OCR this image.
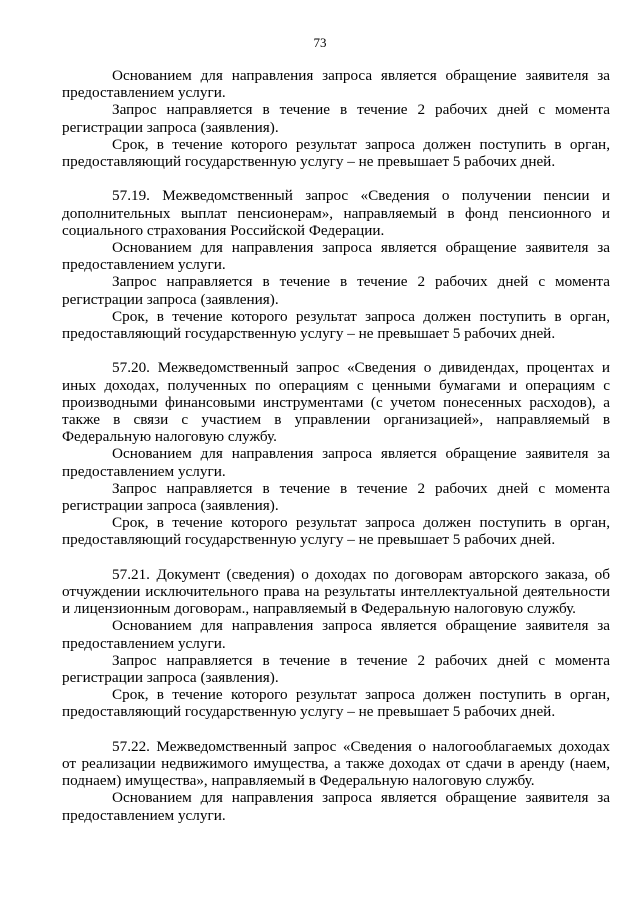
73

Основанием для направления запроса является обращение заявителя за предоставлением услуги.

Запрос направляется в течение в течение 2 рабочих дней с момента регистрации запроса (заявления).

Срок, в течение которого результат запроса должен поступить в орган, предоставляющий государственную услугу – не превышает 5 рабочих дней.

57.19. Межведомственный запрос «Сведения о получении пенсии и дополнительных выплат пенсионерам», направляемый в фонд пенсионного и социального страхования Российской Федерации.

Основанием для направления запроса является обращение заявителя за предоставлением услуги.

Запрос направляется в течение в течение 2 рабочих дней с момента регистрации запроса (заявления).

Срок, в течение которого результат запроса должен поступить в орган, предоставляющий государственную услугу – не превышает 5 рабочих дней.

57.20. Межведомственный запрос «Сведения о дивидендах, процентах и иных доходах, полученных по операциям с ценными бумагами и операциям с производными финансовыми инструментами (с учетом понесенных расходов), а также в связи с участием в управлении организацией», направляемый в Федеральную налоговую службу.

Основанием для направления запроса является обращение заявителя за предоставлением услуги.

Запрос направляется в течение в течение 2 рабочих дней с момента регистрации запроса (заявления).

Срок, в течение которого результат запроса должен поступить в орган, предоставляющий государственную услугу – не превышает 5 рабочих дней.

57.21. Документ (сведения) о доходах по договорам авторского заказа, об отчуждении исключительного права на результаты интеллектуальной деятельности и лицензионным договорам., направляемый в Федеральную налоговую службу.

Основанием для направления запроса является обращение заявителя за предоставлением услуги.

Запрос направляется в течение в течение 2 рабочих дней с момента регистрации запроса (заявления).

Срок, в течение которого результат запроса должен поступить в орган, предоставляющий государственную услугу – не превышает 5 рабочих дней.

57.22. Межведомственный запрос «Сведения о налогооблагаемых доходах от реализации недвижимого имущества, а также доходах от сдачи в аренду (наем, поднаем) имущества», направляемый в Федеральную налоговую службу.

Основанием для направления запроса является обращение заявителя за предоставлением услуги.
